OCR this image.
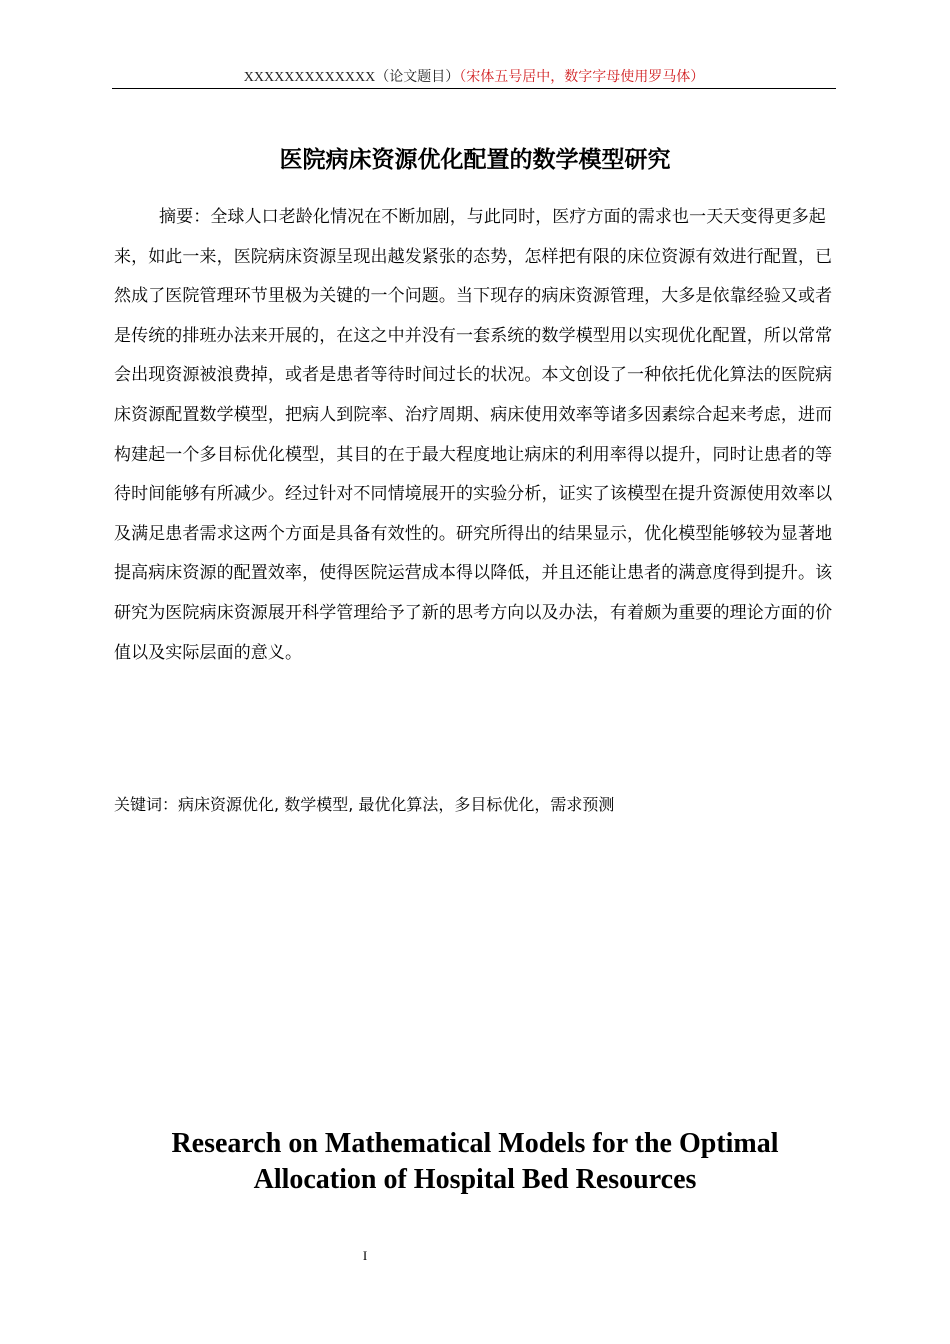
XXXXXXXXXXXXX（论文题目）（宋体五号居中，数字字母使用罗马体）
医院病床资源优化配置的数学模型研究
摘要：全球人口老龄化情况在不断加剧，与此同时，医疗方面的需求也一天天变得更多起来，如此一来，医院病床资源呈现出越发紧张的态势，怎样把有限的床位资源有效进行配置，已然成了医院管理环节里极为关键的一个问题。当下现存的病床资源管理，大多是依靠经验又或者是传统的排班办法来开展的，在这之中并没有一套系统的数学模型用以实现优化配置，所以常常会出现资源被浪费掉，或者是患者等待时间过长的状况。本文创设了一种依托优化算法的医院病床资源配置数学模型，把病人到院率、治疗周期、病床使用效率等诸多因素综合起来考虑，进而构建起一个多目标优化模型，其目的在于最大程度地让病床的利用率得以提升，同时让患者的等待时间能够有所减少。经过针对不同情境展开的实验分析，证实了该模型在提升资源使用效率以及满足患者需求这两个方面是具备有效性的。研究所得出的结果显示，优化模型能够较为显著地提高病床资源的配置效率，使得医院运营成本得以降低，并且还能让患者的满意度得到提升。该研究为医院病床资源展开科学管理给予了新的思考方向以及办法，有着颇为重要的理论方面的价值以及实际层面的意义。
关键词：病床资源优化, 数学模型, 最优化算法，多目标优化，需求预测
Research on Mathematical Models for the Optimal
Allocation of Hospital Bed Resources
I
